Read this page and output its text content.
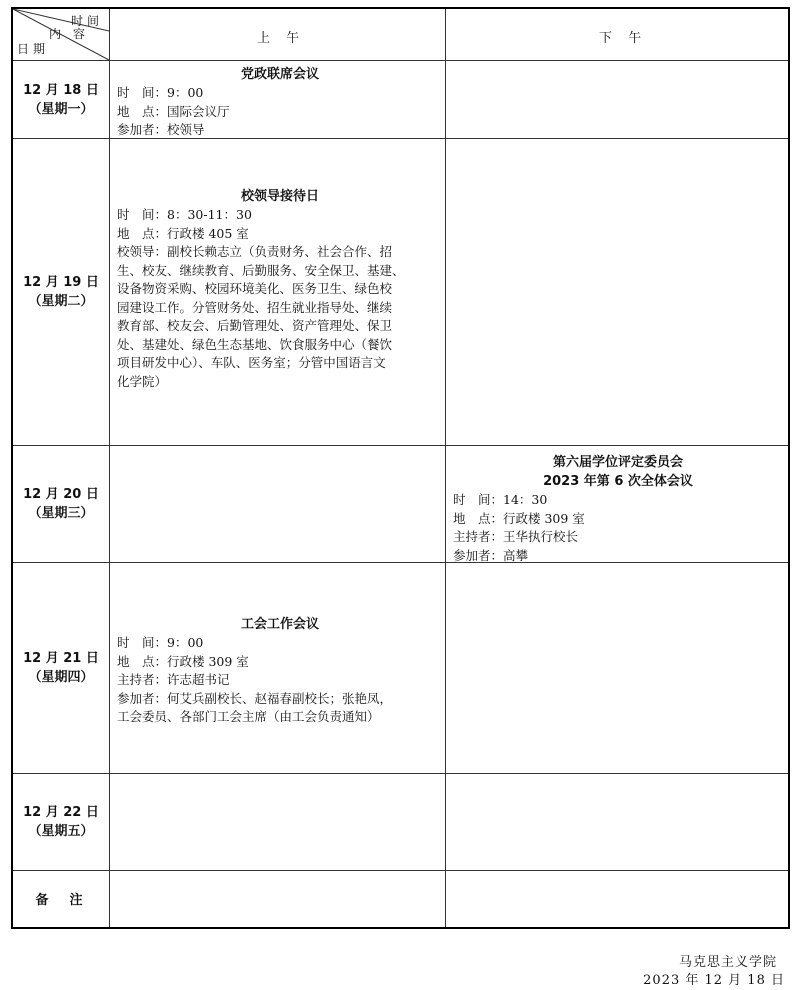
时间
内 容
日期
上 午	下 午
12 月 18 日
（星期一）
党政联席会议
时　间：9：00
地　点：国际会议厅
参加者：校领导
12 月 19 日
（星期二）
校领导接待日
时　间：8：30-11：30
地　点：行政楼 405 室
校领导：副校长赖志立（负责财务、社会合作、招
生、校友、继续教育、后勤服务、安全保卫、基建、
设备物资采购、校园环境美化、医务卫生、绿色校
园建设工作。分管财务处、招生就业指导处、继续
教育部、校友会、后勤管理处、资产管理处、保卫
处、基建处、绿色生态基地、饮食服务中心（餐饮
项目研发中心）、车队、医务室；分管中国语言文
化学院）
12 月 20 日
（星期三）
第六届学位评定委员会
2023 年第 6 次全体会议
时　间：14：30
地　点：行政楼 309 室
主持者：王华执行校长
参加者：高攀
12 月 21 日
（星期四）
工会工作会议
时　间：9：00
地　点：行政楼 309 室
主持者：许志超书记
参加者：何艾兵副校长、赵福春副校长；张艳凤，
工会委员、各部门工会主席（由工会负责通知）
12 月 22 日
（星期五）
备　注
马克思主义学院
2023 年 12 月 18 日
